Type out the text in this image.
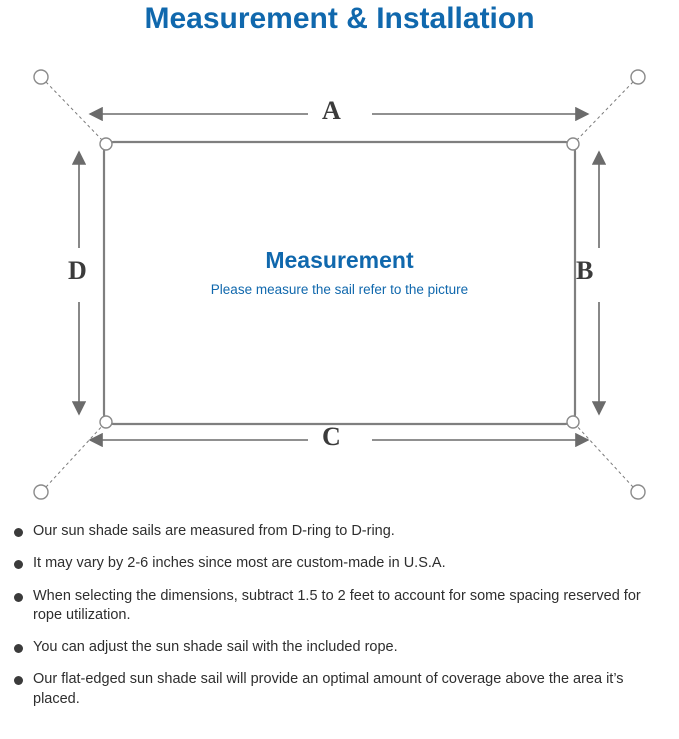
Measurement & Installation
Measurement
Please measure the sail refer to the picture
A
B
C
D
Our sun shade sails are measured from D-ring to D-ring.
It may vary by 2-6 inches since most are custom-made in U.S.A.
When selecting the dimensions, subtract 1.5 to 2 feet to account for some spacing reserved for rope utilization.
You can adjust the sun shade sail with the included rope.
Our flat-edged sun shade sail will provide an optimal amount of coverage above the area it’s placed.
